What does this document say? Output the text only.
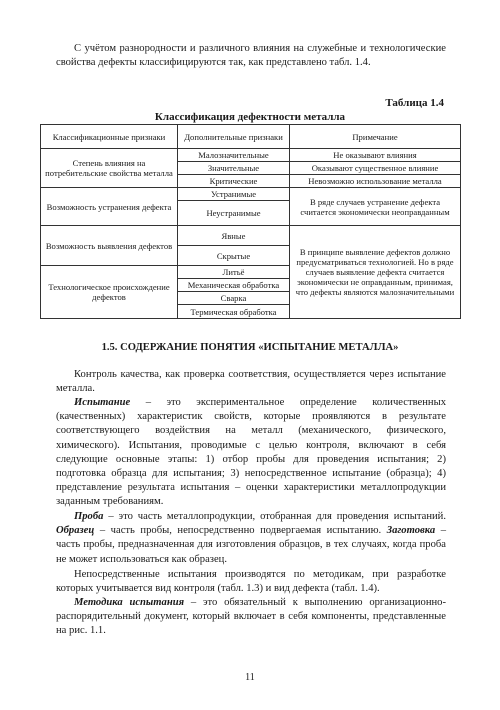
С учётом разнородности и различного влияния на служебные и технологические свойства дефекты классифицируются так, как представлено табл. 1.4.

Таблица 1.4
Классификация дефектности металла
Классификационные признаки	Дополнительные признаки	Примечание
Степень влияния на потребительские свойства металла	Малозначительные	Не оказывают влияния
	Значительные	Оказывают существенное влияние
	Критические	Невозможно использование металла
Возможность устранения дефекта	Устранимые	В ряде случаев устранение дефекта считается экономически неоправданным
	Неустранимые	
Возможность выявления дефектов	Явные	В принципе выявление дефектов должно предусматриваться технологией. Но в ряде случаев выявление дефекта считается экономически не оправданным, принимая, что дефекты являются малозначительными
	Скрытые	
Технологическое происхождение дефектов	Литьё	
	Механическая обработка	
	Сварка	
	Термическая обработка	
1.5. СОДЕРЖАНИЕ ПОНЯТИЯ «ИСПЫТАНИЕ МЕТАЛЛА»

Контроль качества, как проверка соответствия, осуществляется через испытание металла.

Испытание – это экспериментальное определение количественных (качественных) характеристик свойств, которые проявляются в результате соответствующего воздействия на металл (механического, физического, химического). Испытания, проводимые с целью контроля, включают в себя следующие основные этапы: 1) отбор пробы для проведения испытания; 2) подготовка образца для испытания; 3) непосредственное испытание (образца); 4) представление результата испытания – оценки характеристики металлопродукции заданным требованиям.

Проба – это часть металлопродукции, отобранная для проведения испытаний. Образец – часть пробы, непосредственно подвергаемая испытанию. Заготовка – часть пробы, предназначенная для изготовления образцов, в тех случаях, когда проба не может использоваться как образец.

Непосредственные испытания производятся по методикам, при разработке которых учитывается вид контроля (табл. 1.3) и вид дефекта (табл. 1.4).

Методика испытания – это обязательный к выполнению организационно-распорядительный документ, который включает в себя компоненты, представленные на рис. 1.1.

11
